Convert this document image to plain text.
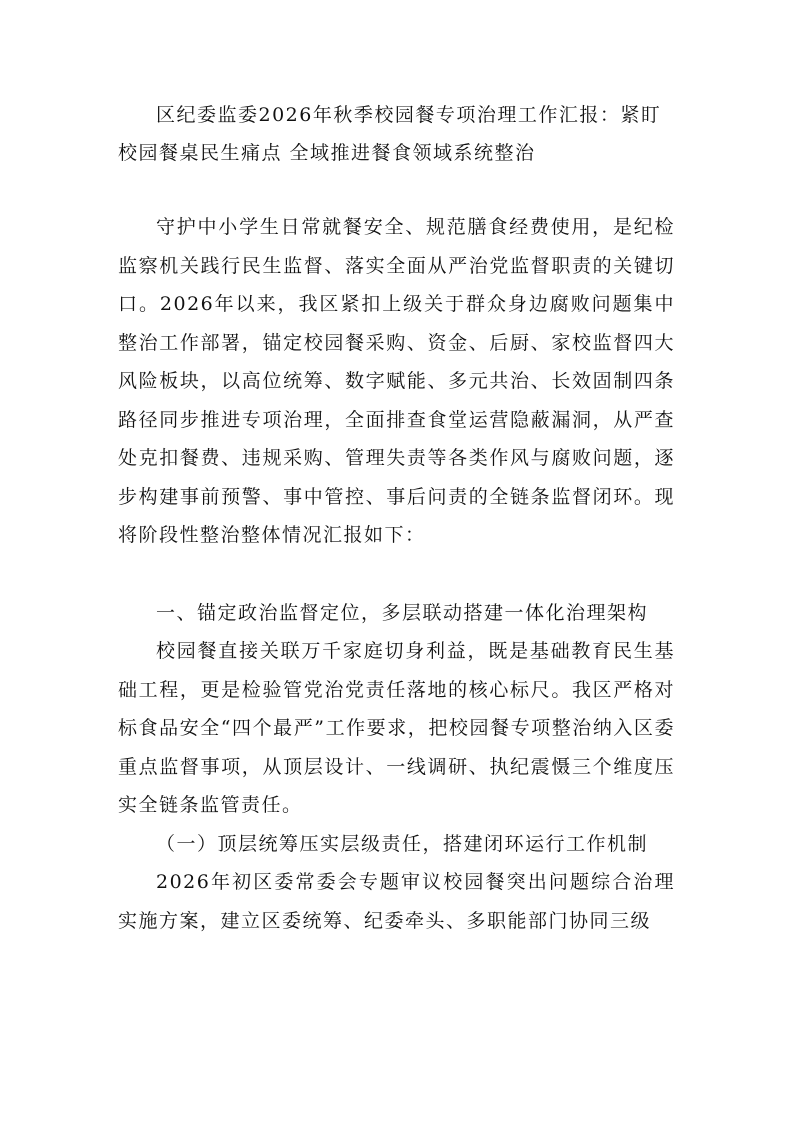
区纪委监委2026年秋季校园餐专项治理工作汇报：紧盯校园餐桌民生痛点 全域推进餐食领域系统整治

守护中小学生日常就餐安全、规范膳食经费使用，是纪检监察机关践行民生监督、落实全面从严治党监督职责的关键切口。2026年以来，我区紧扣上级关于群众身边腐败问题集中整治工作部署，锚定校园餐采购、资金、后厨、家校监督四大风险板块，以高位统筹、数字赋能、多元共治、长效固制四条路径同步推进专项治理，全面排查食堂运营隐蔽漏洞，从严查处克扣餐费、违规采购、管理失责等各类作风与腐败问题，逐步构建事前预警、事中管控、事后问责的全链条监督闭环。现将阶段性整治整体情况汇报如下：

一、锚定政治监督定位，多层联动搭建一体化治理架构

校园餐直接关联万千家庭切身利益，既是基础教育民生基础工程，更是检验管党治党责任落地的核心标尺。我区严格对标食品安全“四个最严”工作要求，把校园餐专项整治纳入区委重点监督事项，从顶层设计、一线调研、执纪震慑三个维度压实全链条监管责任。

（一）顶层统筹压实层级责任，搭建闭环运行工作机制

2026年初区委常委会专题审议校园餐突出问题综合治理实施方案，建立区委统筹、纪委牵头、多职能部门协同三级
